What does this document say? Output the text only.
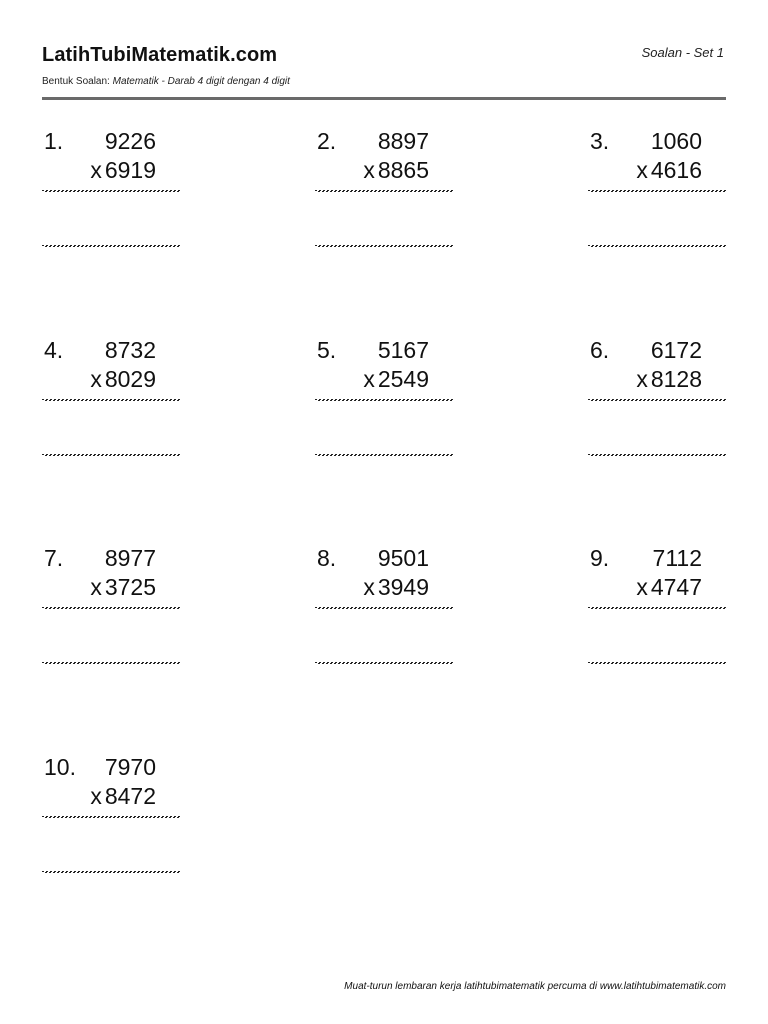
LatihTubiMatematik.com
Bentuk Soalan: Matematik - Darab 4 digit dengan 4 digit
Soalan - Set 1
1. 9226
x 6919
2. 8897
x 8865
3. 1060
x 4616
4. 8732
x 8029
5. 5167
x 2549
6. 6172
x 8128
7. 8977
x 3725
8. 9501
x 3949
9. 7112
x 4747
10. 7970
x 8472
Muat-turun lembaran kerja latihtubimatematik percuma di www.latihtubimatematik.com
